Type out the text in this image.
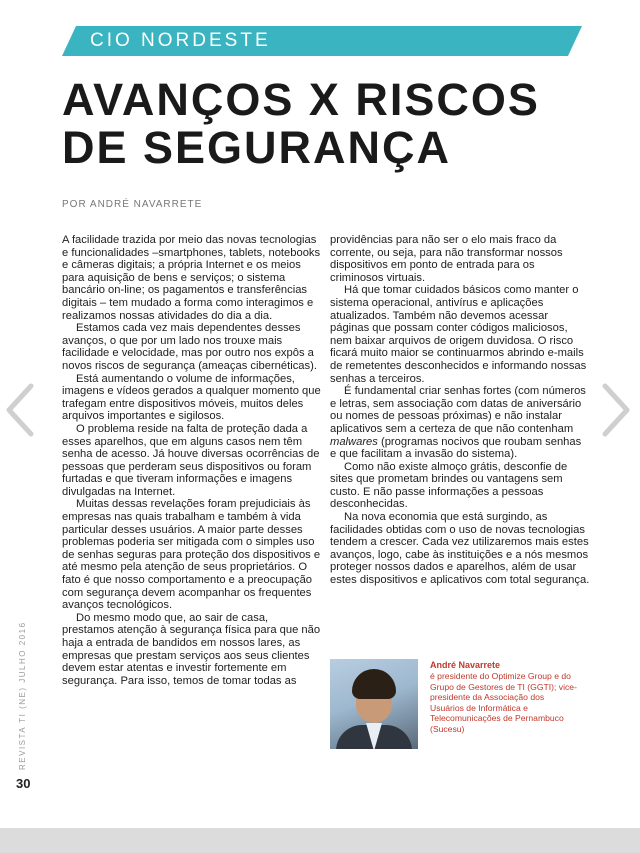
CIO NORDESTE
AVANÇOS X RISCOS
DE SEGURANÇA
POR ANDRÉ NAVARRETE

A facilidade trazida por meio das novas tecnologias e funcionalidades –smartphones, tablets, notebooks e câmeras digitais; a própria Internet e os meios para aquisição de bens e serviços; o sistema bancário on-line; os pagamentos e transferências digitais – tem mudado a forma como interagimos e realizamos nossas atividades do dia a dia.

Estamos cada vez mais dependentes desses avanços, o que por um lado nos trouxe mais facilidade e velocidade, mas por outro nos expôs a novos riscos de segurança (ameaças cibernéticas).

Está aumentando o volume de informações, imagens e vídeos gerados a qualquer momento que trafegam entre dispositivos móveis, muitos deles arquivos importantes e sigilosos.

O problema reside na falta de proteção dada a esses aparelhos, que em alguns casos nem têm senha de acesso. Já houve diversas ocorrências de pessoas que perderam seus dispositivos ou foram furtadas e que tiveram informações e imagens divulgadas na Internet.

Muitas dessas revelações foram prejudiciais às empresas nas quais trabalham e também à vida particular desses usuários. A maior parte desses problemas poderia ser mitigada com o simples uso de senhas seguras para proteção dos dispositivos e até mesmo pela atenção de seus proprietários. O fato é que nosso comportamento e a preocupação com segurança devem acompanhar os frequentes avanços tecnológicos.

Do mesmo modo que, ao sair de casa, prestamos atenção à segurança física para que não haja a entrada de bandidos em nossos lares, as empresas que prestam serviços aos seus clientes devem estar atentas e investir fortemente em segurança. Para isso, temos de tomar todas as

providências para não ser o elo mais fraco da corrente, ou seja, para não transformar nossos dispositivos em ponto de entrada para os criminosos virtuais.

Há que tomar cuidados básicos como manter o sistema operacional, antivírus e aplicações atualizados. Também não devemos acessar páginas que possam conter códigos maliciosos, nem baixar arquivos de origem duvidosa. O risco ficará muito maior se continuarmos abrindo e-mails de remetentes desconhecidos e informando nossas senhas a terceiros.

É fundamental criar senhas fortes (com números e letras, sem associação com datas de aniversário ou nomes de pessoas próximas) e não instalar aplicativos sem a certeza de que não contenham malwares (programas nocivos que roubam senhas e que facilitam a invasão do sistema).

Como não existe almoço grátis, desconfie de sites que prometam brindes ou vantagens sem custo. E não passe informações a pessoas desconhecidas.

Na nova economia que está surgindo, as facilidades obtidas com o uso de novas tecnologias tendem a crescer. Cada vez utilizaremos mais estes avanços, logo, cabe às instituições e a nós mesmos proteger nossos dados e aparelhos, além de usar estes dispositivos e aplicativos com total segurança.

André Navarrete
é presidente do Optimize Group e do Grupo de Gestores de TI (GGTI); vice-presidente da Associação dos Usuários de Informática e Telecomunicações de Pernambuco (Sucesu)
REVISTA TI (NE) JULHO 2016
30
